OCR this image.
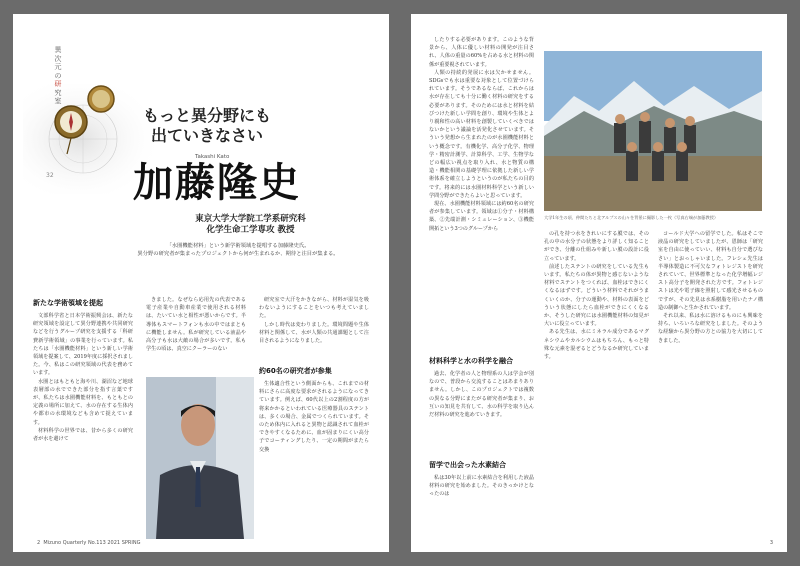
異
次
元
の
研
究
室
32
もっと異分野にも
出ていきなさい
Takashi Kato
加藤隆史
東京大学大学院工学系研究科
化学生命工学専攻 教授
「水圏機能材料」という新学術領域を提唱する加藤隆史氏。
異分野の研究者が集まったプロジェクトから何が生まれるか、期待と注目が集まる。
新たな学術領域を提起

文部科学省と日本学術振興会は、新たな研究領域を設定して異分野連携や共同研究などを行うグループ研究を支援する「科研費新学術領域」の事業を行っています。私たちは「水圏機能材料」という新しい学術領域を提案して、2019年度に採択されました。今、私はこの研究領域の代表を務めています。

水圏とはもともと海や川、湖沼など地球表層部の水でできた部分を指す言葉ですが、私たちは水圏機能材料を、もともとの定義の場所に加えて、水の存在する生体内や都市の水環境なども含めて捉えています。

材料科学の世界では、昔から多くの研究者が水を避けて

きました。なぜなら応用先の代表である電子産業や自動車産業で使用される材料は、たいてい水と相性が悪いからです。半導体もスマートフォンも水の中ではまともに機能しません。私が研究している液晶や高分子も水は大敵の場合が多いです。私も学生の頃は、真空にクーラーのない

研究室で大汗をかきながら、材料が湿気を吸わないようにすることをいつも考えていました。

しかし時代は変わりました。環境問題や生体材料と関係して、水が人類の共通課題として注目されるようになりました。

約60名の研究者が参集

生体適合性という側面からも、これまでの材料にさらに高度な要求がされるようになってきています。例えば、60代以上の2割程度の方が将来かかるといわれている医療器具のステントは、多くの場合、金属でつくられています。そのため体内に入れると異物と認識されて血栓ができやすくなるために、血が固まりにくい高分子でコーティングしたり、一定の期間がまたら交換

2 Mizuno Quarterly No.113 2021 SPRING

したりする必要があります。このような背景から、人体に優しい材料の開発が注目され、人体の重量の60%を占める水と材料の関係が重要視されています。

人類の持続的発展に水は欠かせません。SDGsでも水は重要な対象として位置づけられています。そうであるならば、これからは水が存在しても十分に働く材料の研究をする必要があります。そのためには水と材料を結びつけた新しい学問を創り、環境や生体とより親和性の高い材料を創製していくべきではないかという議論を活発化させています。そういう発想から生まれたのが水圏機能材料という概念です。有機化学、高分子化学、物理学・精密計測学、計算科学、工学、生物学などの幅広い視点を取り入れ、水と物質の構造・機能相関の基礎学理に依拠した新しい学術体系を確立しようというのが私たちの目的です。将来的には水圏材料科学という新しい学問分野ができたらよいと思っています。

現在、水圏機能材料領域には約60名の研究者が参集しています。領域は①分子・材料構築、②先端計測・シミュレーション、③機能開拓という3つのグループから

大学1年生の頃、仲間たちと北アルプスの山々を背景に撮影した一枚（写真右端が加藤教授）
材料科学と水の科学を融合

過去、化学者の人と物理系の人は学会が別なので、普段から交流することはあまりありません。しかし、このプロジェクトでは複数の異なる分野にまたがる研究者が集まり、お互いの知見を共有して、水の科学を取り込んだ材料の研究を進めていきます。

留学で出会った水素結合

私は30年以上前に水素結合を利用した液晶材料の研究を始めました。そのきっかけとなったのは

の孔を持つ水をきれいにする膜では、その孔の中の水分子の状態をより詳しく知ることができ、分離の仕組みや新しい膜の設計に役立っています。

前述したステントの研究をしている先生もいます。私たちの体が異物と感じないような材料でステントをつくれば、血栓はできにくくなるはずです。どういう材料でそれがうまくいくのか、分子の運動や、材料の表面をどういう状態にしたら血栓ができにくくなるか、そうした研究には水圏機能材料の知見が大いに役立っています。

ある先生は、水にミネラル成分であるマグネシウムやカルシウムはもちろん、もっと特殊な元素を混ぜるとどうなるか研究しています。

コールド大学への留学でした。私はそこで液晶の研究をしていましたが、恩師は「研究室を自由に使っていい、材料も自分で選びなさい」とおっしゃいました。フレシェ先生は半導体製造に不可欠なフォトレジストを研究されていて、世界標準となった化学増幅レジスト高分子を開発された方です。フォトレジストは光や電子線を照射して感光させるものですが、その先見は水系樹脂を用いたナノ構造の制御へと生かされています。

それ以来、私は水に溶けるものにも興味を持ち、いろいろな研究をしました。そのような経験から異分野の方との協力を大切にしてきました。

3
